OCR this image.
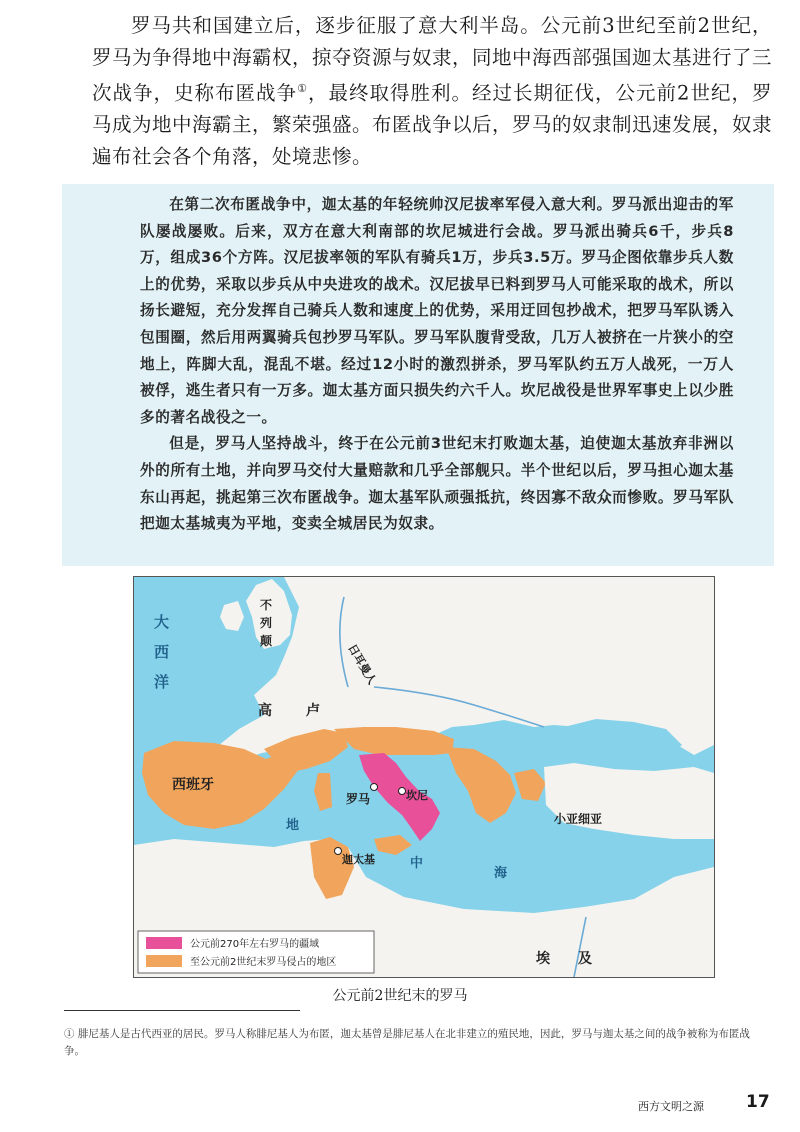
罗马共和国建立后，逐步征服了意大利半岛。公元前3世纪至前2世纪，罗马为争得地中海霸权，掠夺资源与奴隶，同地中海西部强国迦太基进行了三次战争，史称布匿战争①，最终取得胜利。经过长期征伐，公元前2世纪，罗马成为地中海霸主，繁荣强盛。布匿战争以后，罗马的奴隶制迅速发展，奴隶遍布社会各个角落，处境悲惨。

在第二次布匿战争中，迦太基的年轻统帅汉尼拔率军侵入意大利。罗马派出迎击的军队屡战屡败。后来，双方在意大利南部的坎尼城进行会战。罗马派出骑兵6千，步兵8万，组成36个方阵。汉尼拔率领的军队有骑兵1万，步兵3.5万。罗马企图依靠步兵人数上的优势，采取以步兵从中央进攻的战术。汉尼拔早已料到罗马人可能采取的战术，所以扬长避短，充分发挥自己骑兵人数和速度上的优势，采用迂回包抄战术，把罗马军队诱入包围圈，然后用两翼骑兵包抄罗马军队。罗马军队腹背受敌，几万人被挤在一片狭小的空地上，阵脚大乱，混乱不堪。经过12小时的激烈拼杀，罗马军队约五万人战死，一万人被俘，逃生者只有一万多。迦太基方面只损失约六千人。坎尼战役是世界军事史上以少胜多的著名战役之一。

但是，罗马人坚持战斗，终于在公元前3世纪末打败迦太基，迫使迦太基放弃非洲以外的所有土地，并向罗马交付大量赔款和几乎全部舰只。半个世纪以后，罗马担心迦太基东山再起，挑起第三次布匿战争。迦太基军队顽强抵抗，终因寡不敌众而惨败。罗马军队把迦太基城夷为平地，变卖全城居民为奴隶。

大
西
洋
不
列
颠
日耳曼人
高 卢
西班牙
罗马	坎尼
迦太基
小亚细亚
地
中
海
埃 及
公元前270年左右罗马的疆域
至公元前2世纪末罗马侵占的地区
公元前2世纪末的罗马
① 腓尼基人是古代西亚的居民。罗马人称腓尼基人为布匿，迦太基曾是腓尼基人在北非建立的殖民地，因此，罗马与迦太基之间的战争被称为布匿战争。
西方文明之源 17
